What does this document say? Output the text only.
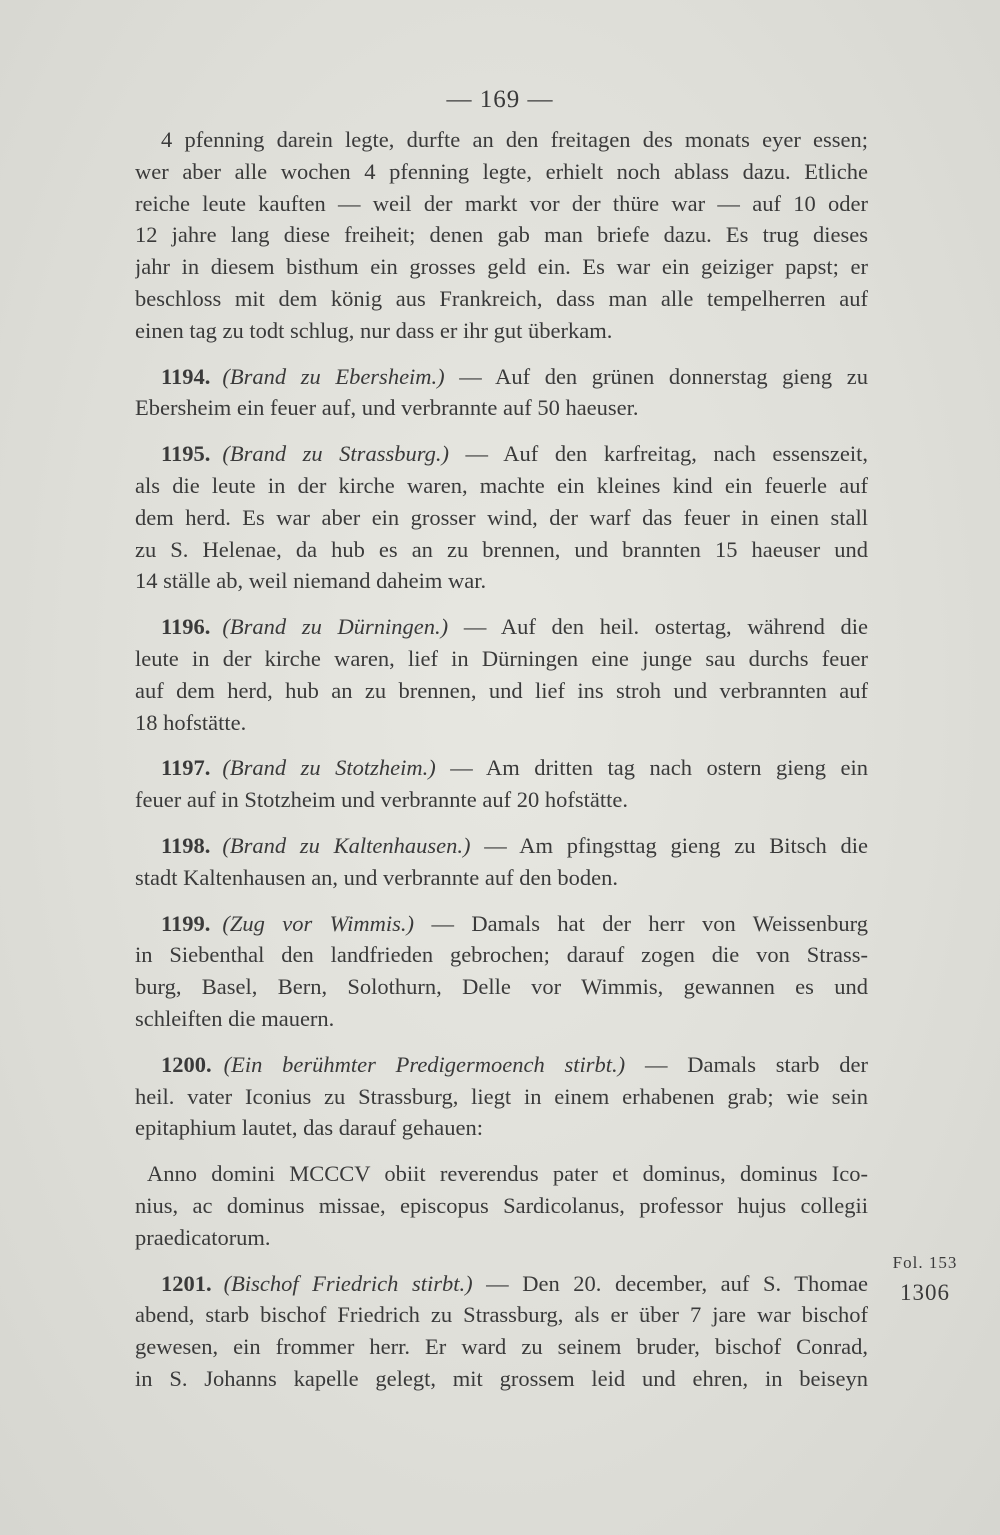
— 169 —
4 pfenning darein legte, durfte an den freitagen des monats eyer essen;
wer aber alle wochen 4 pfenning legte, erhielt noch ablass dazu. Etliche
reiche leute kauften — weil der markt vor der thüre war — auf 10 oder
12 jahre lang diese freiheit; denen gab man briefe dazu. Es trug dieses
jahr in diesem bisthum ein grosses geld ein. Es war ein geiziger papst; er
beschloss mit dem könig aus Frankreich, dass man alle tempelherren auf
einen tag zu todt schlug, nur dass er ihr gut überkam.
1194. (Brand zu Ebersheim.) — Auf den grünen donnerstag gieng zu
Ebersheim ein feuer auf, und verbrannte auf 50 haeuser.
1195. (Brand zu Strassburg.) — Auf den karfreitag, nach essenszeit,
als die leute in der kirche waren, machte ein kleines kind ein feuerle auf
dem herd. Es war aber ein grosser wind, der warf das feuer in einen stall
zu S. Helenae, da hub es an zu brennen, und brannten 15 haeuser und
14 ställe ab, weil niemand daheim war.
1196. (Brand zu Dürningen.) — Auf den heil. ostertag, während die
leute in der kirche waren, lief in Dürningen eine junge sau durchs feuer
auf dem herd, hub an zu brennen, und lief ins stroh und verbrannten auf
18 hofstätte.
1197. (Brand zu Stotzheim.) — Am dritten tag nach ostern gieng ein
feuer auf in Stotzheim und verbrannte auf 20 hofstätte.
1198. (Brand zu Kaltenhausen.) — Am pfingsttag gieng zu Bitsch die
stadt Kaltenhausen an, und verbrannte auf den boden.
1199. (Zug vor Wimmis.) — Damals hat der herr von Weissenburg
in Siebenthal den landfrieden gebrochen; darauf zogen die von Strass-
burg, Basel, Bern, Solothurn, Delle vor Wimmis, gewannen es und
schleiften die mauern.
1200. (Ein berühmter Predigermoench stirbt.) — Damals starb der
heil. vater Iconius zu Strassburg, liegt in einem erhabenen grab; wie sein
epitaphium lautet, das darauf gehauen:
Anno domini MCCCV obiit reverendus pater et dominus, dominus Ico-
nius, ac dominus missae, episcopus Sardicolanus, professor hujus collegii
praedicatorum.
1201. (Bischof Friedrich stirbt.) — Den 20. december, auf S. Thomae
abend, starb bischof Friedrich zu Strassburg, als er über 7 jare war bischof
gewesen, ein frommer herr. Er ward zu seinem bruder, bischof Conrad,
in S. Johanns kapelle gelegt, mit grossem leid und ehren, in beiseyn
Fol. 153
1306
